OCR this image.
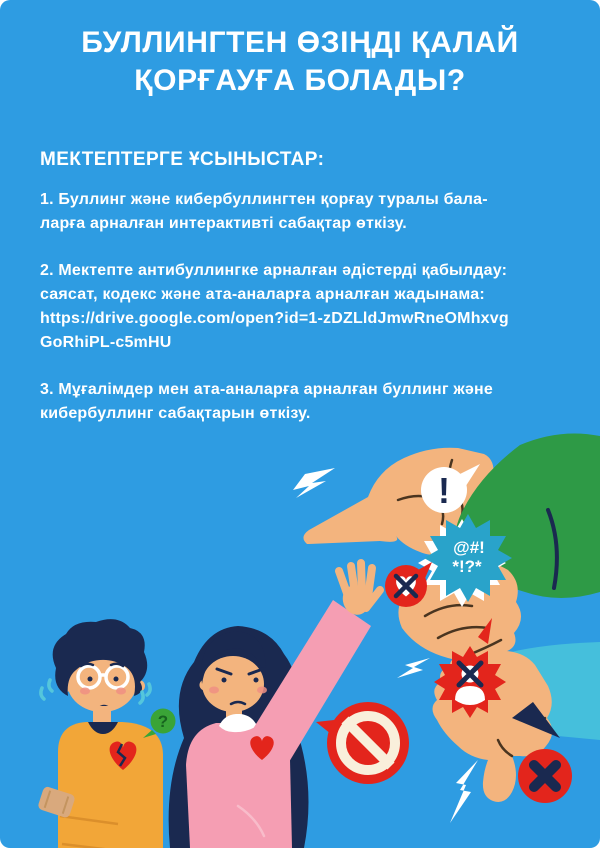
БУЛЛИНГТЕН ӨЗІҢДІ ҚАЛАЙ
ҚОРҒАУҒА БОЛАДЫ?
МЕКТЕПТЕРГЕ ҰСЫНЫСТАР:

1. Буллинг және кибербуллингтен қорғау туралы бала-
ларға арналған интерактивті сабақтар өткізу.

2. Мектепте антибуллингке арналған әдістерді қабылдау:
саясат, кодекс және ата-аналарға арналған жадынама:
https://drive.google.com/open?id=1-zDZLldJmwRneOMhxvg
GoRhiPL-c5mHU

3. Мұғалімдер мен ата-аналарға арналған буллинг және
кибербуллинг сабақтарын өткізу.

!
@#!
*!?*
?
